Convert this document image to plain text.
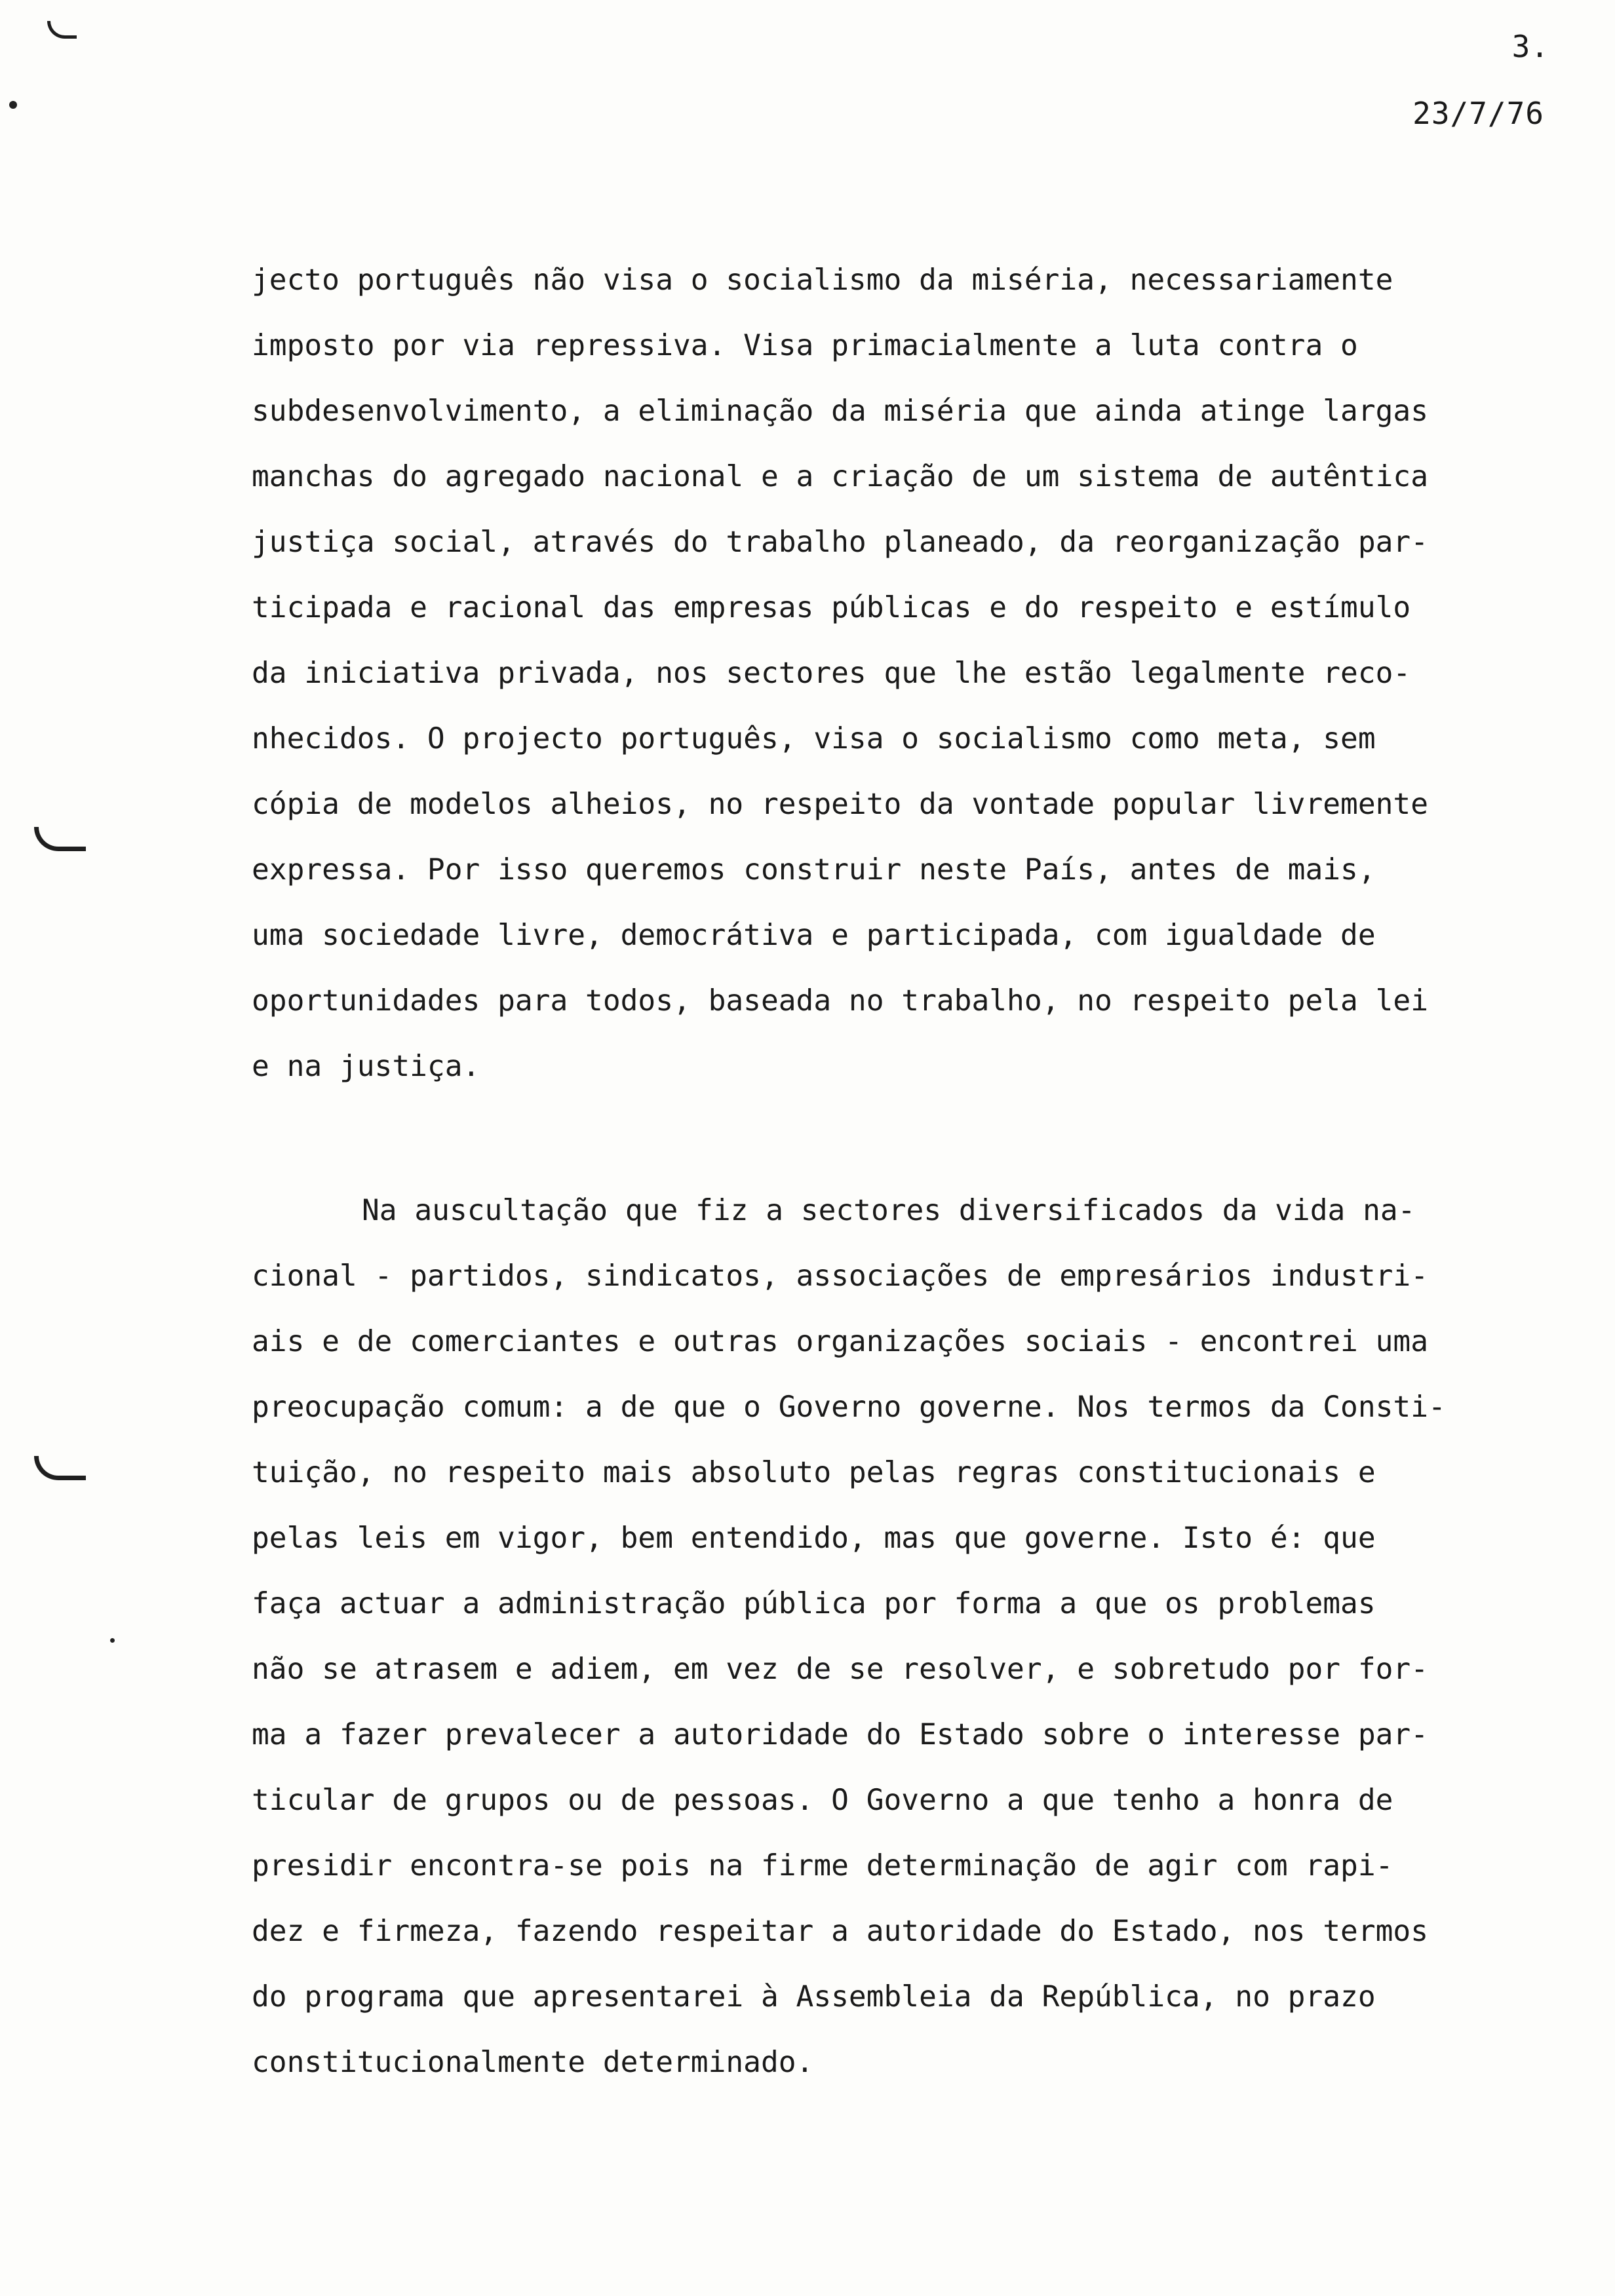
3.
23/7/76
jecto português não visa o socialismo da miséria, necessariamente
imposto por via repressiva. Visa primacialmente a luta contra o
subdesenvolvimento, a eliminação da miséria que ainda atinge largas
manchas do agregado nacional e a criação de um sistema de autêntica
justiça social, através do trabalho planeado, da reorganização par-
ticipada e racional das empresas públicas e do respeito e estímulo
da iniciativa privada, nos sectores que lhe estão legalmente reco-
nhecidos. O projecto português, visa o socialismo como meta, sem
cópia de modelos alheios, no respeito da vontade popular livremente
expressa. Por isso queremos construir neste País, antes de mais,
uma sociedade livre, democrátiva e participada, com igualdade de
oportunidades para todos, baseada no trabalho, no respeito pela lei
e na justiça.
Na auscultação que fiz a sectores diversificados da vida na-
cional - partidos, sindicatos, associações de empresários industri-
ais e de comerciantes e outras organizações sociais - encontrei uma
preocupação comum: a de que o Governo governe. Nos termos da Consti-
tuição, no respeito mais absoluto pelas regras constitucionais e
pelas leis em vigor, bem entendido, mas que governe. Isto é: que
faça actuar a administração pública por forma a que os problemas
não se atrasem e adiem, em vez de se resolver, e sobretudo por for-
ma a fazer prevalecer a autoridade do Estado sobre o interesse par-
ticular de grupos ou de pessoas. O Governo a que tenho a honra de
presidir encontra-se pois na firme determinação de agir com rapi-
dez e firmeza, fazendo respeitar a autoridade do Estado, nos termos
do programa que apresentarei à Assembleia da República, no prazo
constitucionalmente determinado.
